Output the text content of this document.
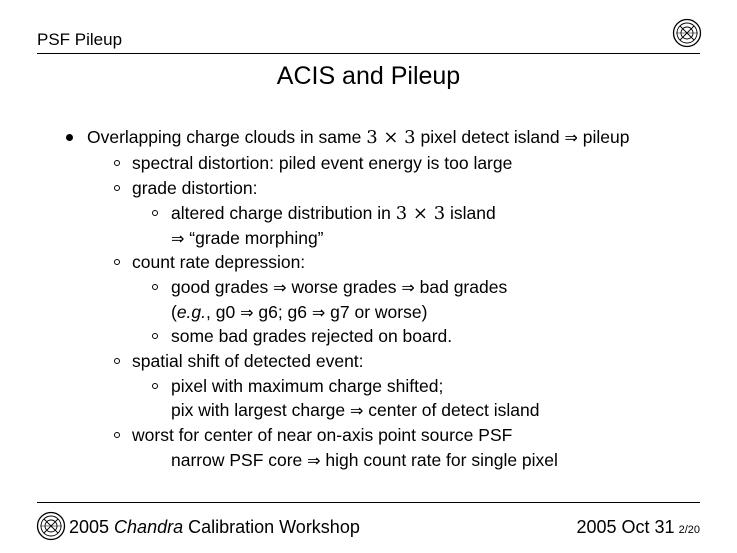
PSF Pileup
ACIS and Pileup
Overlapping charge clouds in same 3 × 3 pixel detect island ⇒ pileup
spectral distortion: piled event energy is too large
grade distortion:
altered charge distribution in 3 × 3 island
⇒ “grade morphing”
count rate depression:
good grades ⇒ worse grades ⇒ bad grades
(e.g., g0 ⇒ g6; g6 ⇒ g7 or worse)
some bad grades rejected on board.
spatial shift of detected event:
pixel with maximum charge shifted;
pix with largest charge ⇒ center of detect island
worst for center of near on-axis point source PSF
narrow PSF core ⇒ high count rate for single pixel
2005 Chandra Calibration Workshop	2005 Oct 31 2/20
